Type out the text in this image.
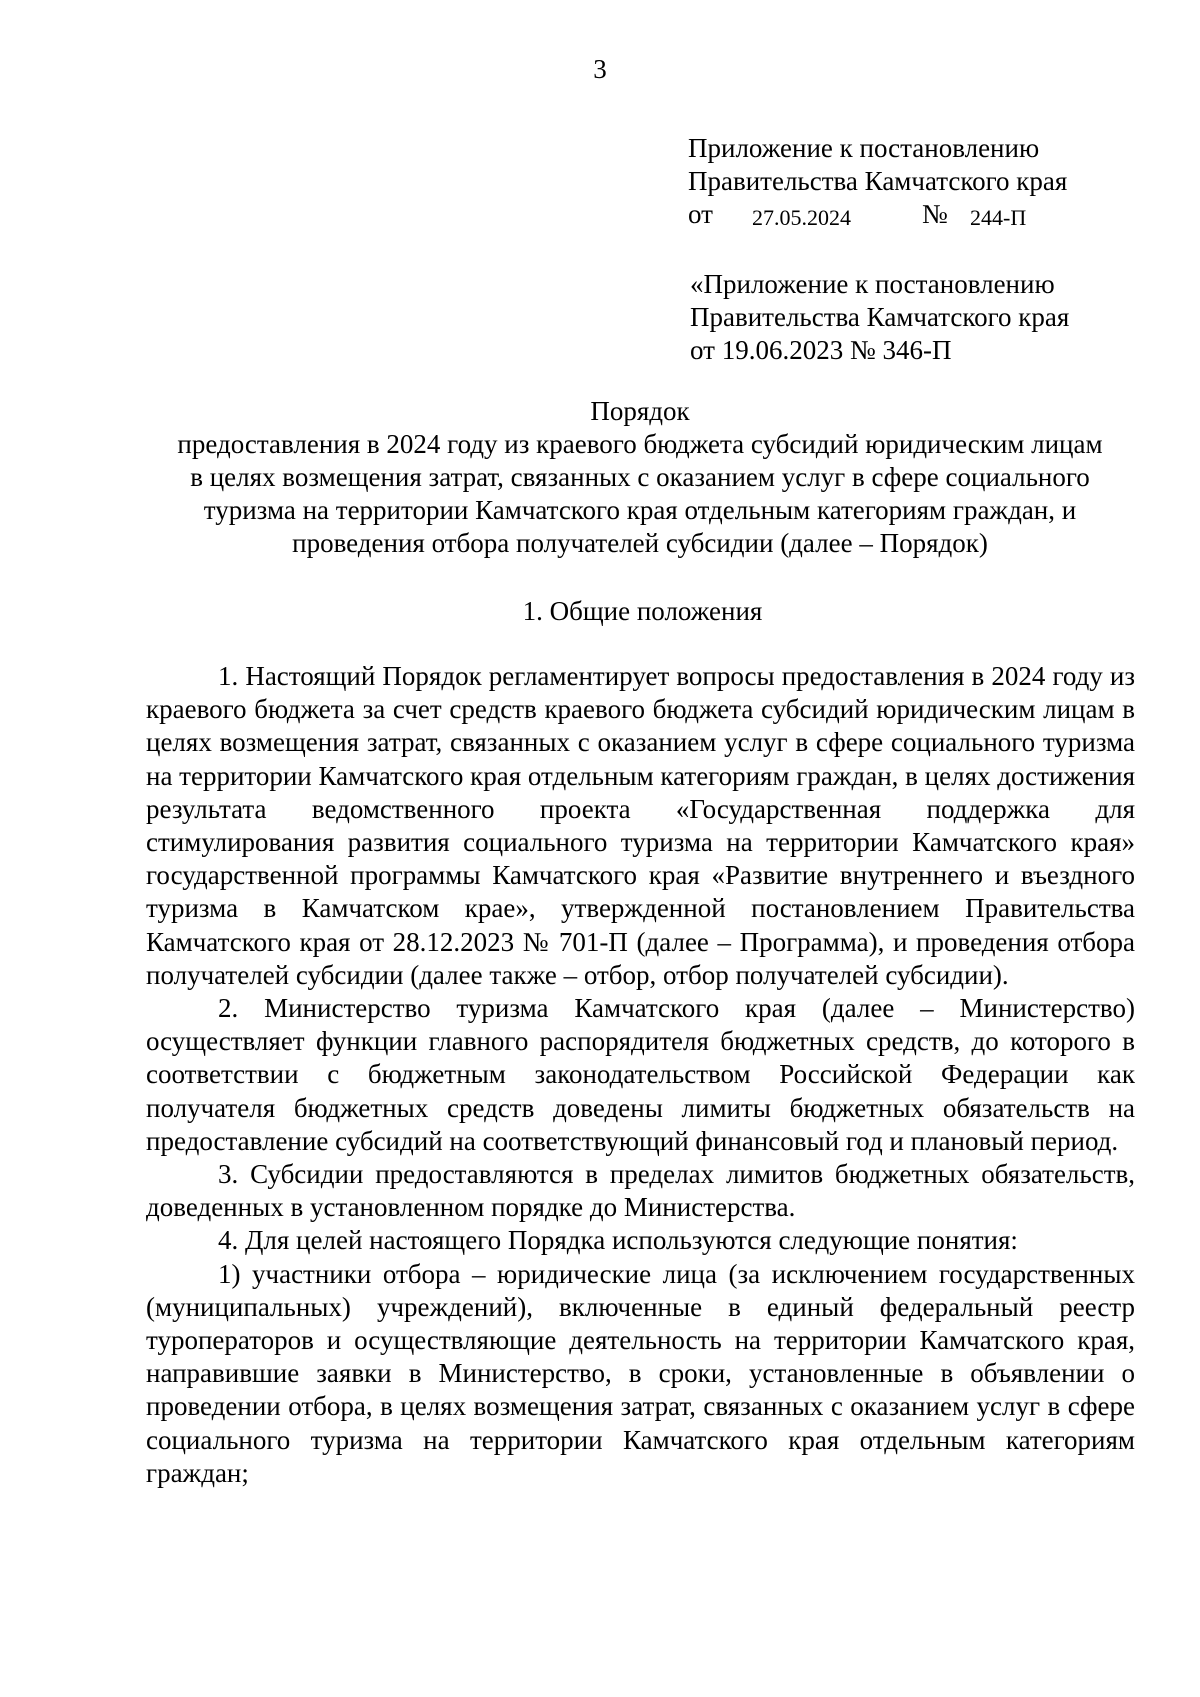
3
Приложение к постановлению
Правительства Камчатского края
от	27.05.2024	№	244-П
«Приложение к постановлению
Правительства Камчатского края
от 19.06.2023 № 346-П
Порядок
предоставления в 2024 году из краевого бюджета субсидий юридическим лицам
в целях возмещения затрат, связанных с оказанием услуг в сфере социального
туризма на территории Камчатского края отдельным категориям граждан, и
проведения отбора получателей субсидии (далее – Порядок)
1. Общие положения

1. Настоящий Порядок регламентирует вопросы предоставления в 2024 году из краевого бюджета за счет средств краевого бюджета субсидий юридическим лицам в целях возмещения затрат, связанных с оказанием услуг в сфере социального туризма на территории Камчатского края отдельным категориям граждан, в целях достижения результата ведомственного проекта «Государственная поддержка для стимулирования развития социального туризма на территории Камчатского края» государственной программы Камчатского края «Развитие внутреннего и въездного туризма в Камчатском крае», утвержденной постановлением Правительства Камчатского края от 28.12.2023 № 701-П (далее – Программа), и проведения отбора получателей субсидии (далее также – отбор, отбор получателей субсидии).

2. Министерство туризма Камчатского края (далее – Министерство) осуществляет функции главного распорядителя бюджетных средств, до которого в соответствии с бюджетным законодательством Российской Федерации как получателя бюджетных средств доведены лимиты бюджетных обязательств на предоставление субсидий на соответствующий финансовый год и плановый период.

3. Субсидии предоставляются в пределах лимитов бюджетных обязательств, доведенных в установленном порядке до Министерства.

4. Для целей настоящего Порядка используются следующие понятия:

1) участники отбора – юридические лица (за исключением государственных (муниципальных) учреждений), включенные в единый федеральный реестр туроператоров и осуществляющие деятельность на территории Камчатского края, направившие заявки в Министерство, в сроки, установленные в объявлении о проведении отбора, в целях возмещения затрат, связанных с оказанием услуг в сфере социального туризма на территории Камчатского края отдельным категориям граждан;
